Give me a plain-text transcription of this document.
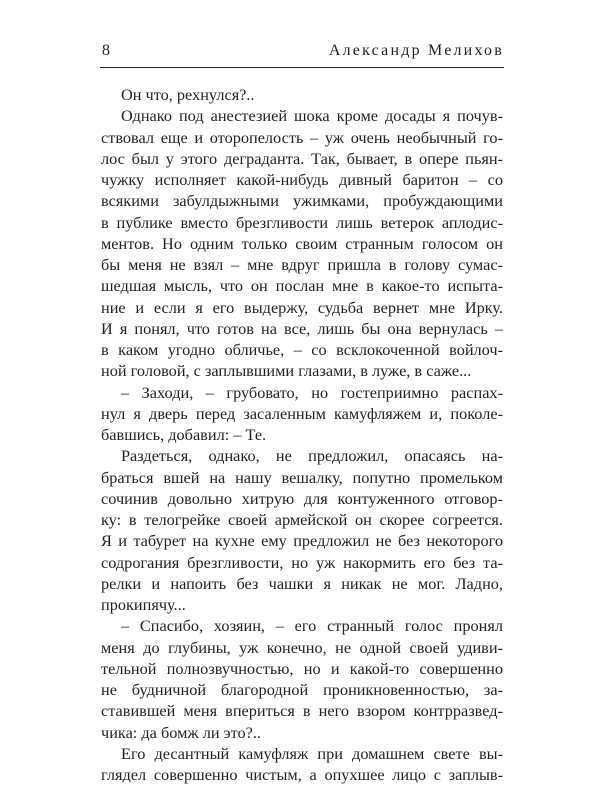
8	Александр Мелихов
Он что, рехнулся?..
Однако под анестезией шока кроме досады я почув-
ствовал еще и оторопелость – уж очень необычный го-
лос был у этого деграданта. Так, бывает, в опере пьян-
чужку исполняет какой-нибудь дивный баритон – со
всякими забулдыжными ужимками, пробуждающими
в публике вместо брезгливости лишь ветерок аплодис-
ментов. Но одним только своим странным голосом он
бы меня не взял – мне вдруг пришла в голову сумас-
шедшая мысль, что он послан мне в какое-то испыта-
ние и если я его выдержу, судьба вернет мне Ирку.
И я понял, что готов на все, лишь бы она вернулась –
в каком угодно обличье, – со всклокоченной войлоч-
ной головой, с заплывшими глазами, в луже, в саже...
– Заходи, – грубовато, но гостеприимно распах-
нул я дверь перед засаленным камуфляжем и, поколе-
бавшись, добавил: – Те.
Раздеться, однако, не предложил, опасаясь на-
браться вшей на нашу вешалку, попутно промельком
сочинив довольно хитрую для контуженного отговор-
ку: в телогрейке своей армейской он скорее согреется.
Я и табурет на кухне ему предложил не без некоторого
содрогания брезгливости, но уж накормить его без та-
релки и напоить без чашки я никак не мог. Ладно,
прокипячу...
– Спасибо, хозяин, – его странный голос пронял
меня до глубины, уж конечно, не одной своей удиви-
тельной полнозвучностью, но и какой-то совершенно
не будничной благородной проникновенностью, за-
ставившей меня впериться в него взором контрразвед-
чика: да бомж ли это?..
Его десантный камуфляж при домашнем свете вы-
глядел совершенно чистым, а опухшее лицо с заплыв-
